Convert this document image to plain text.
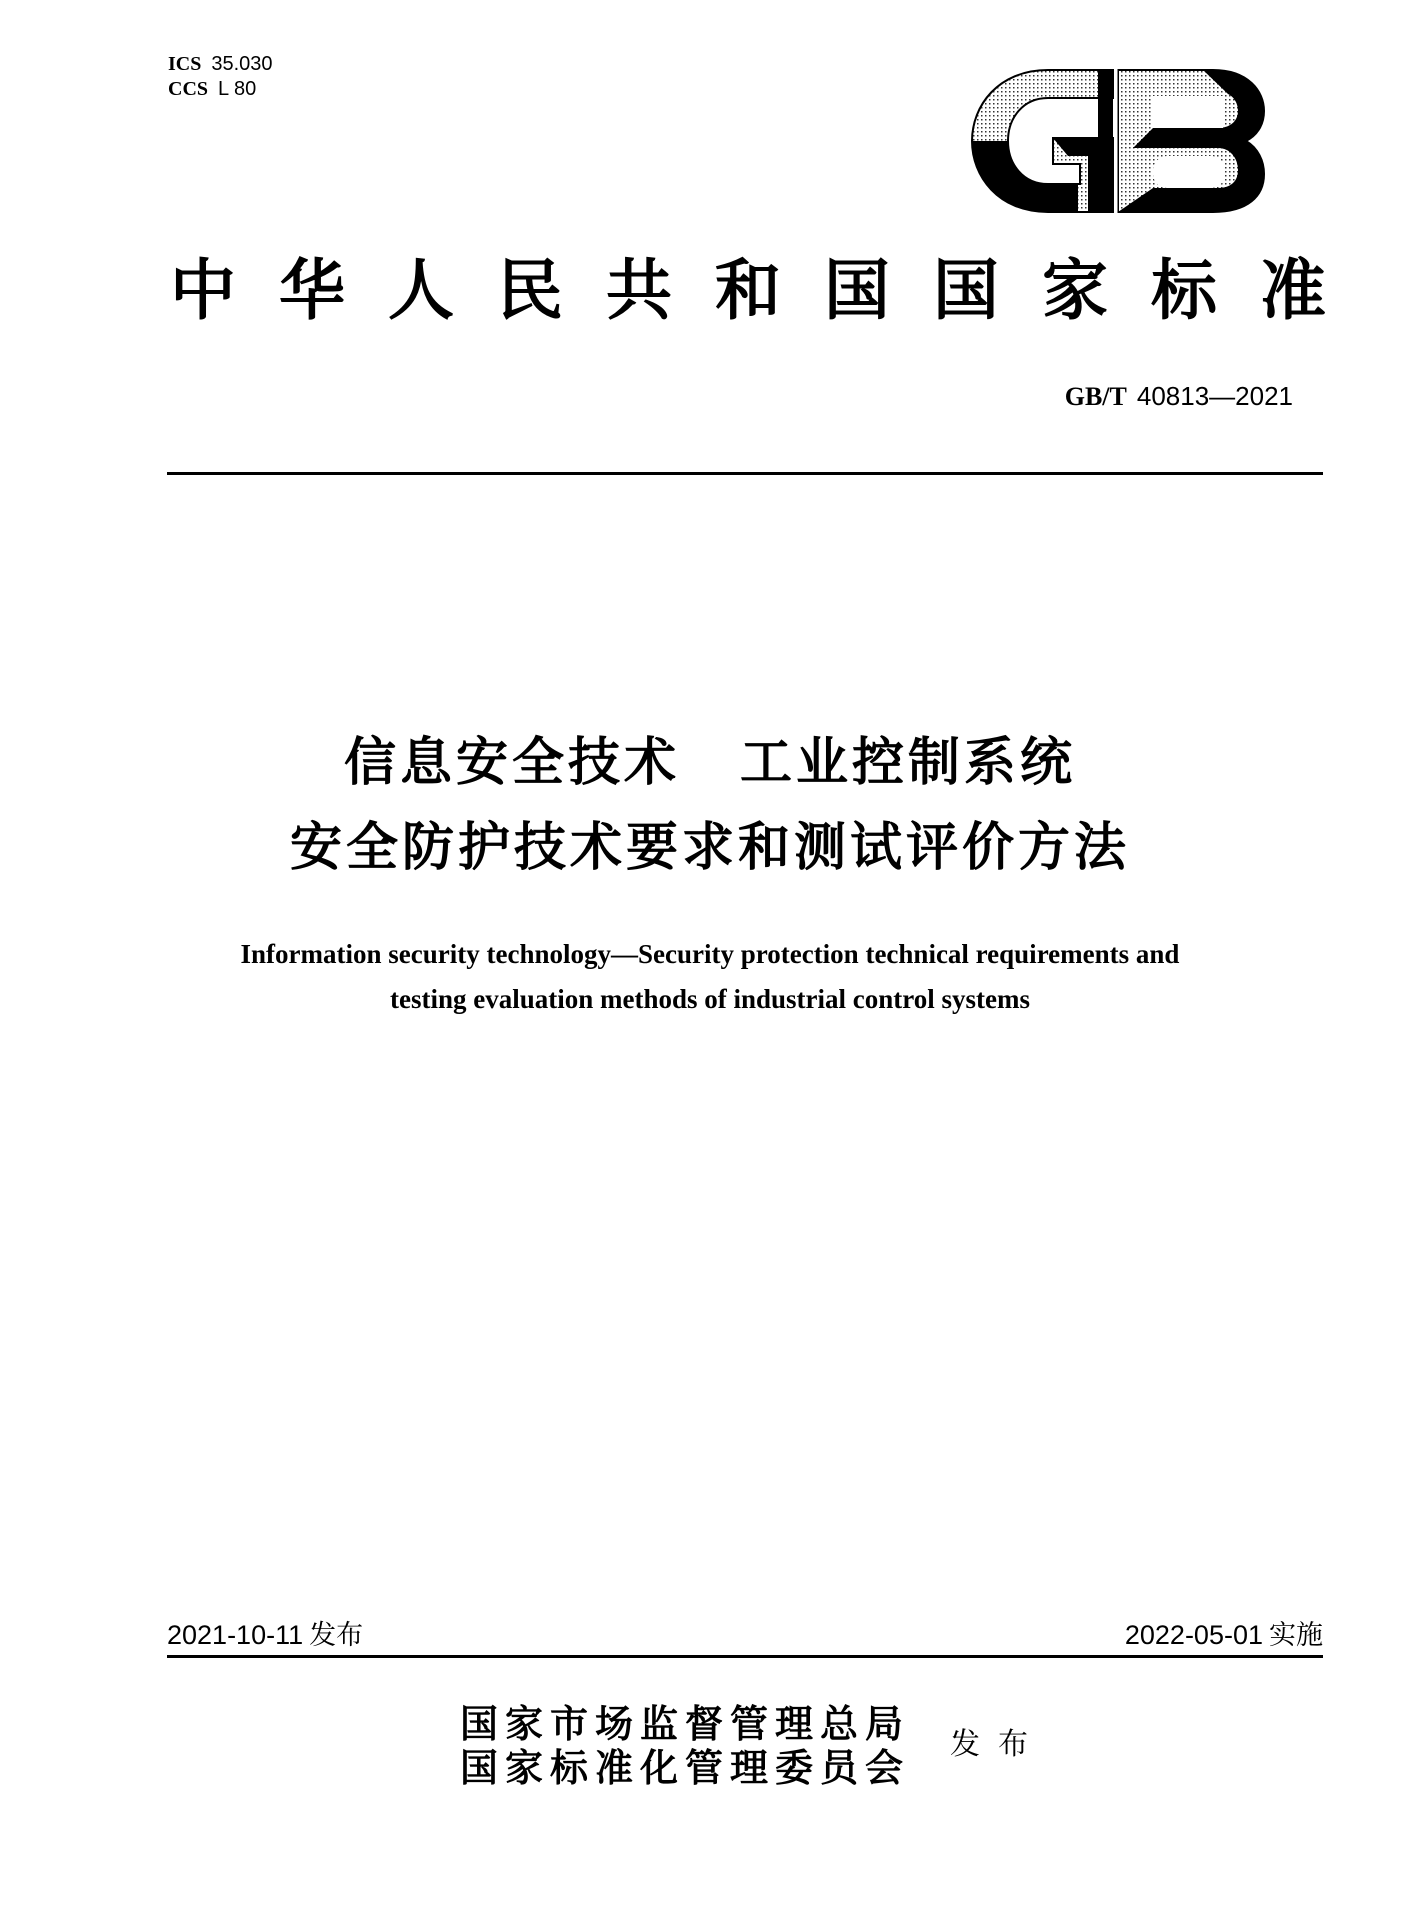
ICS 35.030
CCS L 80
中 华 人 民 共 和 国 国 家 标 准
GB/T 40813—2021
信息安全技术 工业控制系统
安全防护技术要求和测试评价方法
Information security technology—Security protection technical requirements and
testing evaluation methods of industrial control systems
2021-10-11 发布	2022-05-01 实施
国家市场监督管理总局
国家标准化管理委员会
发布
